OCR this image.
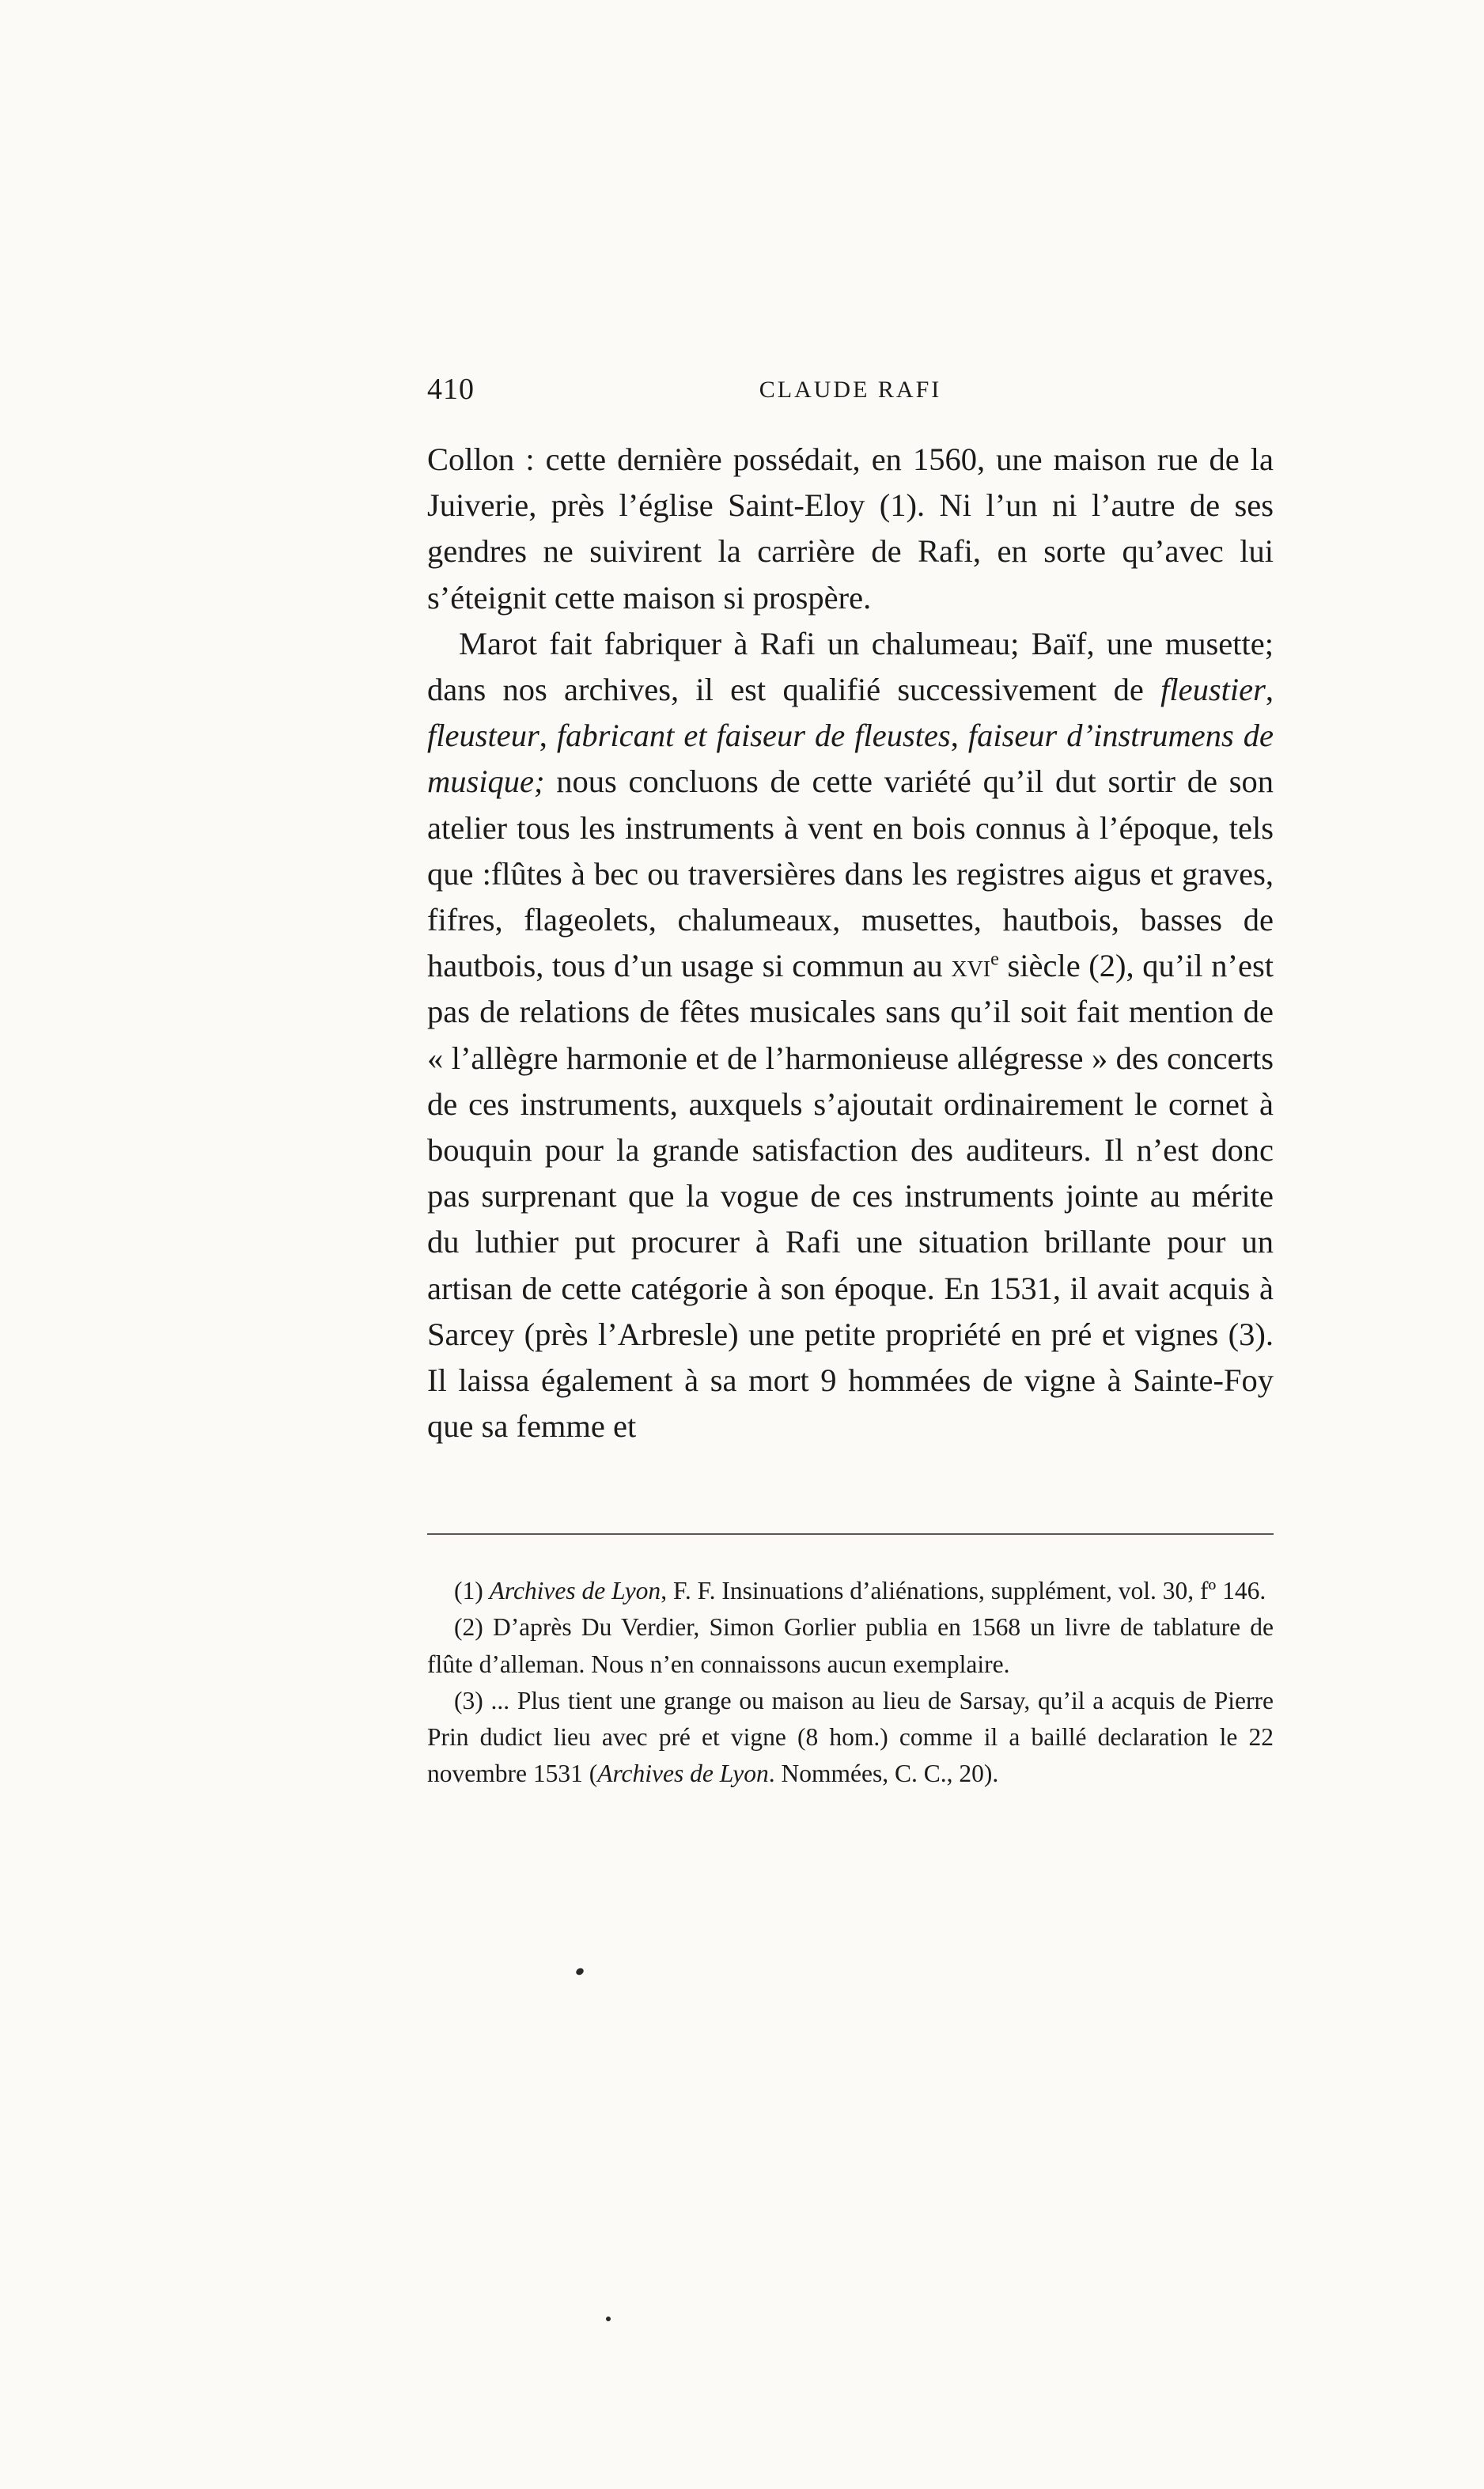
410	CLAUDE RAFI

Collon : cette dernière possédait, en 1560, une maison rue de la Juiverie, près l’église Saint-Eloy (1). Ni l’un ni l’autre de ses gendres ne suivirent la carrière de Rafi, en sorte qu’avec lui s’éteignit cette maison si prospère.

Marot fait fabriquer à Rafi un chalumeau; Baïf, une musette; dans nos archives, il est qualifié successivement de fleustier, fleusteur, fabricant et faiseur de fleustes, faiseur d’instrumens de musique; nous concluons de cette variété qu’il dut sortir de son atelier tous les instruments à vent en bois connus à l’époque, tels que :flûtes à bec ou traversières dans les registres aigus et graves, fifres, flageolets, chalumeaux, musettes, hautbois, basses de hautbois, tous d’un usage si commun au xvi$^e$ siècle (2), qu’il n’est pas de relations de fêtes musicales sans qu’il soit fait mention de « l’allègre harmonie et de l’harmonieuse allégresse » des concerts de ces instruments, auxquels s’ajoutait ordinairement le cornet à bouquin pour la grande satisfaction des auditeurs. Il n’est donc pas surprenant que la vogue de ces instruments jointe au mérite du luthier put procurer à Rafi une situation brillante pour un artisan de cette catégorie à son époque. En 1531, il avait acquis à Sarcey (près l’Arbresle) une petite propriété en pré et vignes (3). Il laissa également à sa mort 9 hommées de vigne à Sainte-Foy que sa femme et

(1) Archives de Lyon, F. F. Insinuations d’aliénations, supplément, vol. 30, fº 146.

(2) D’après Du Verdier, Simon Gorlier publia en 1568 un livre de tablature de flûte d’alleman. Nous n’en connaissons aucun exemplaire.

(3) ... Plus tient une grange ou maison au lieu de Sarsay, qu’il a acquis de Pierre Prin dudict lieu avec pré et vigne (8 hom.) comme il a baillé declaration le 22 novembre 1531 (Archives de Lyon. Nommées, C. C., 20).
